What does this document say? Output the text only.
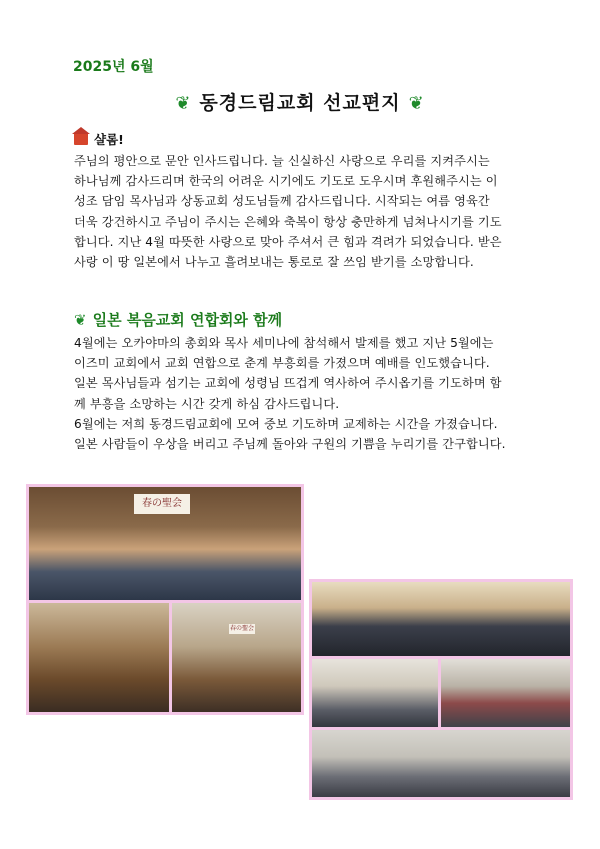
2025년 6월
❦ 동경드림교회 선교편지 ❦
샬롬!
주님의 평안으로 문안 인사드립니다. 늘 신실하신 사랑으로 우리를 지켜주시는
하나님께 감사드리며 한국의 어려운 시기에도 기도로 도우시며 후원해주시는 이
성조 담임 목사님과 상동교회 성도님들께 감사드립니다. 시작되는 여름 영육간
더욱 강건하시고 주님이 주시는 은혜와 축복이 항상 충만하게 넘쳐나시기를 기도
합니다. 지난 4월 따뜻한 사랑으로 맞아 주셔서 큰 힘과 격려가 되었습니다. 받은
사랑 이 땅 일본에서 나누고 흘려보내는 통로로 잘 쓰임 받기를 소망합니다.
❦ 일본 복음교회 연합회와 함께
4월에는 오카야마의 총회와 목사 세미나에 참석해서 발제를 했고 지난 5월에는
이즈미 교회에서 교회 연합으로 춘계 부흥회를 가졌으며 예배를 인도했습니다.
일본 목사님들과 섬기는 교회에 성령님 뜨겁게 역사하여 주시옵기를 기도하며 함
께 부흥을 소망하는 시간 갖게 하심 감사드립니다.
6월에는 저희 동경드림교회에 모여 중보 기도하며 교제하는 시간을 가졌습니다.
일본 사람들이 우상을 버리고 주님께 돌아와 구원의 기쁨을 누리기를 간구합니다.
春の聖会
春の聖会
